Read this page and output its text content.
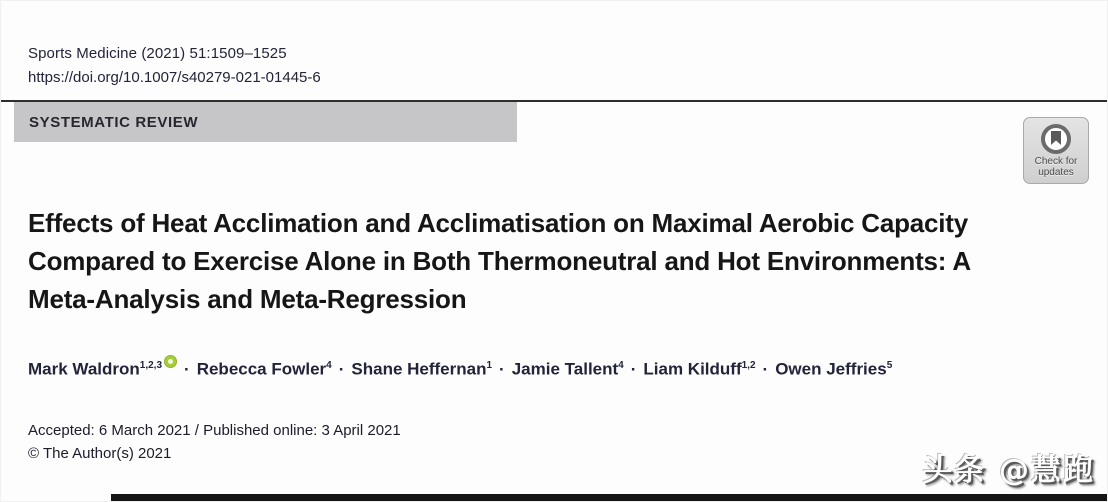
Sports Medicine (2021) 51:1509–1525
https://doi.org/10.1007/s40279-021-01445-6
SYSTEMATIC REVIEW
Check for
updates
Effects of Heat Acclimation and Acclimatisation on Maximal Aerobic Capacity Compared to Exercise Alone in Both Thermoneutral and Hot Environments: A Meta-Analysis and Meta-Regression
Mark Waldron$^{1,2,3}$ · Rebecca Fowler$^4$ · Shane Heffernan$^1$ · Jamie Tallent$^4$ · Liam Kilduff$^{1,2}$ · Owen Jeffries$^5$
Accepted: 6 March 2021 / Published online: 3 April 2021
© The Author(s) 2021	头条 @慧跑
